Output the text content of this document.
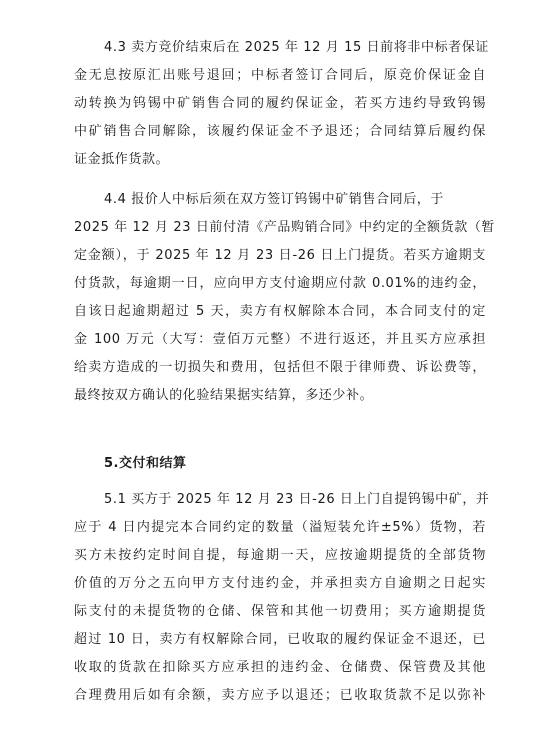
4.3 卖方竞价结束后在 2025 年 12 月 15 日前将非中标者保证
金无息按原汇出账号退回；中标者签订合同后，原竞价保证金自
动转换为钨锡中矿销售合同的履约保证金，若买方违约导致钨锡
中矿销售合同解除，该履约保证金不予退还；合同结算后履约保
证金抵作货款。
4.4 报价人中标后须在双方签订钨锡中矿销售合同后，于
2025 年 12 月 23 日前付清《产品购销合同》中约定的全额货款（暂
定金额），于 2025 年 12 月 23 日-26 日上门提货。若买方逾期支
付货款，每逾期一日，应向甲方支付逾期应付款 0.01%的违约金，
自该日起逾期超过 5 天，卖方有权解除本合同，本合同支付的定
金 100 万元（大写：壹佰万元整）不进行返还，并且买方应承担
给卖方造成的一切损失和费用，包括但不限于律师费、诉讼费等，
最终按双方确认的化验结果据实结算，多还少补。
5.交付和结算
5.1 买方于 2025 年 12 月 23 日-26 日上门自提钨锡中矿，并
应于 4 日内提完本合同约定的数量（溢短装允许±5%）货物，若
买方未按约定时间自提，每逾期一天，应按逾期提货的全部货物
价值的万分之五向甲方支付违约金，并承担卖方自逾期之日起实
际支付的未提货物的仓储、保管和其他一切费用；买方逾期提货
超过 10 日，卖方有权解除合同，已收取的履约保证金不退还，已
收取的货款在扣除买方应承担的违约金、仓储费、保管费及其他
合理费用后如有余额，卖方应予以退还；已收取货款不足以弥补
